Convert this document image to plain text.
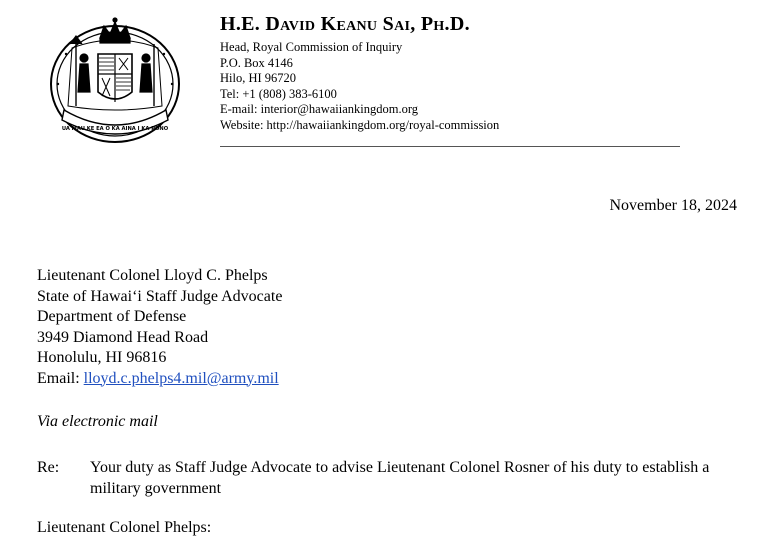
UA MAU KE EA O KA AINA I KA PONO
H.E. David Keanu Sai, Ph.D.
Head, Royal Commission of Inquiry
P.O. Box 4146
Hilo, HI 96720
Tel: +1 (808) 383-6100
E-mail: interior@hawaiiankingdom.org
Website: http://hawaiiankingdom.org/royal-commission
November 18, 2024
Lieutenant Colonel Lloyd C. Phelps
State of Hawaiʻi Staff Judge Advocate
Department of Defense
3949 Diamond Head Road
Honolulu, HI 96816
Email: lloyd.c.phelps4.mil@army.mil
Via electronic mail
Re: Your duty as Staff Judge Advocate to advise Lieutenant Colonel Rosner of his duty to establish a military government
Lieutenant Colonel Phelps:
